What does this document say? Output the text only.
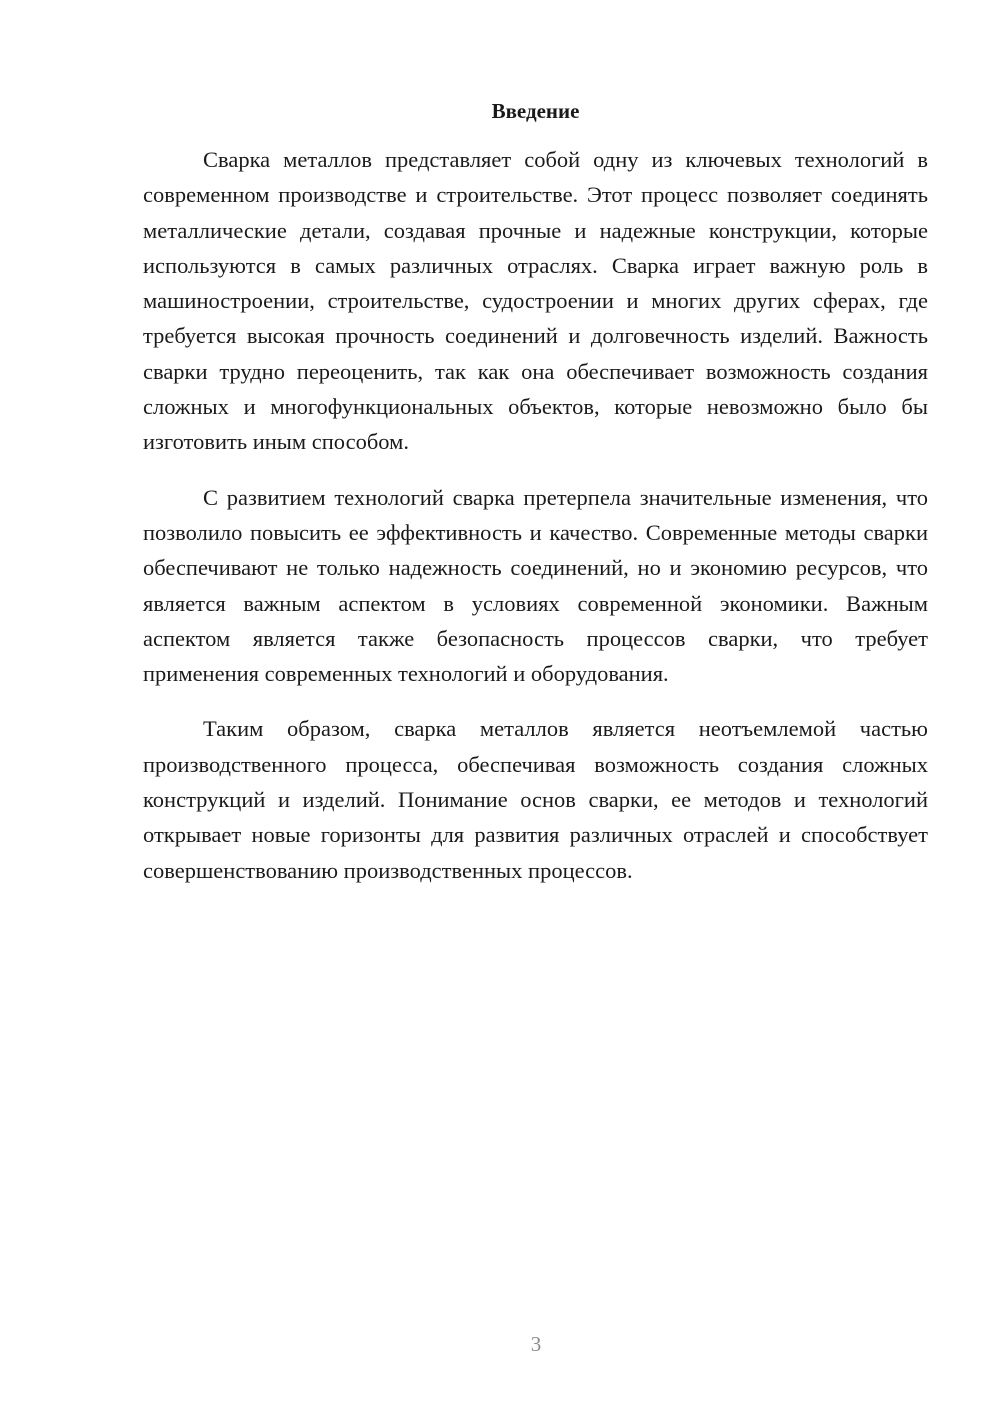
Введение

Сварка металлов представляет собой одну из ключевых технологий в современном производстве и строительстве. Этот процесс позволяет соединять металлические детали, создавая прочные и надежные конструкции, которые используются в самых различных отраслях. Сварка играет важную роль в машиностроении, строительстве, судостроении и многих других сферах, где требуется высокая прочность соединений и долговечность изделий. Важность сварки трудно переоценить, так как она обеспечивает возможность создания сложных и многофункциональных объектов, которые невозможно было бы изготовить иным способом.

С развитием технологий сварка претерпела значительные изменения, что позволило повысить ее эффективность и качество. Современные методы сварки обеспечивают не только надежность соединений, но и экономию ресурсов, что является важным аспектом в условиях современной экономики. Важным аспектом является также безопасность процессов сварки, что требует применения современных технологий и оборудования.

Таким образом, сварка металлов является неотъемлемой частью производственного процесса, обеспечивая возможность создания сложных конструкций и изделий. Понимание основ сварки, ее методов и технологий открывает новые горизонты для развития различных отраслей и способствует совершенствованию производственных процессов.

3
